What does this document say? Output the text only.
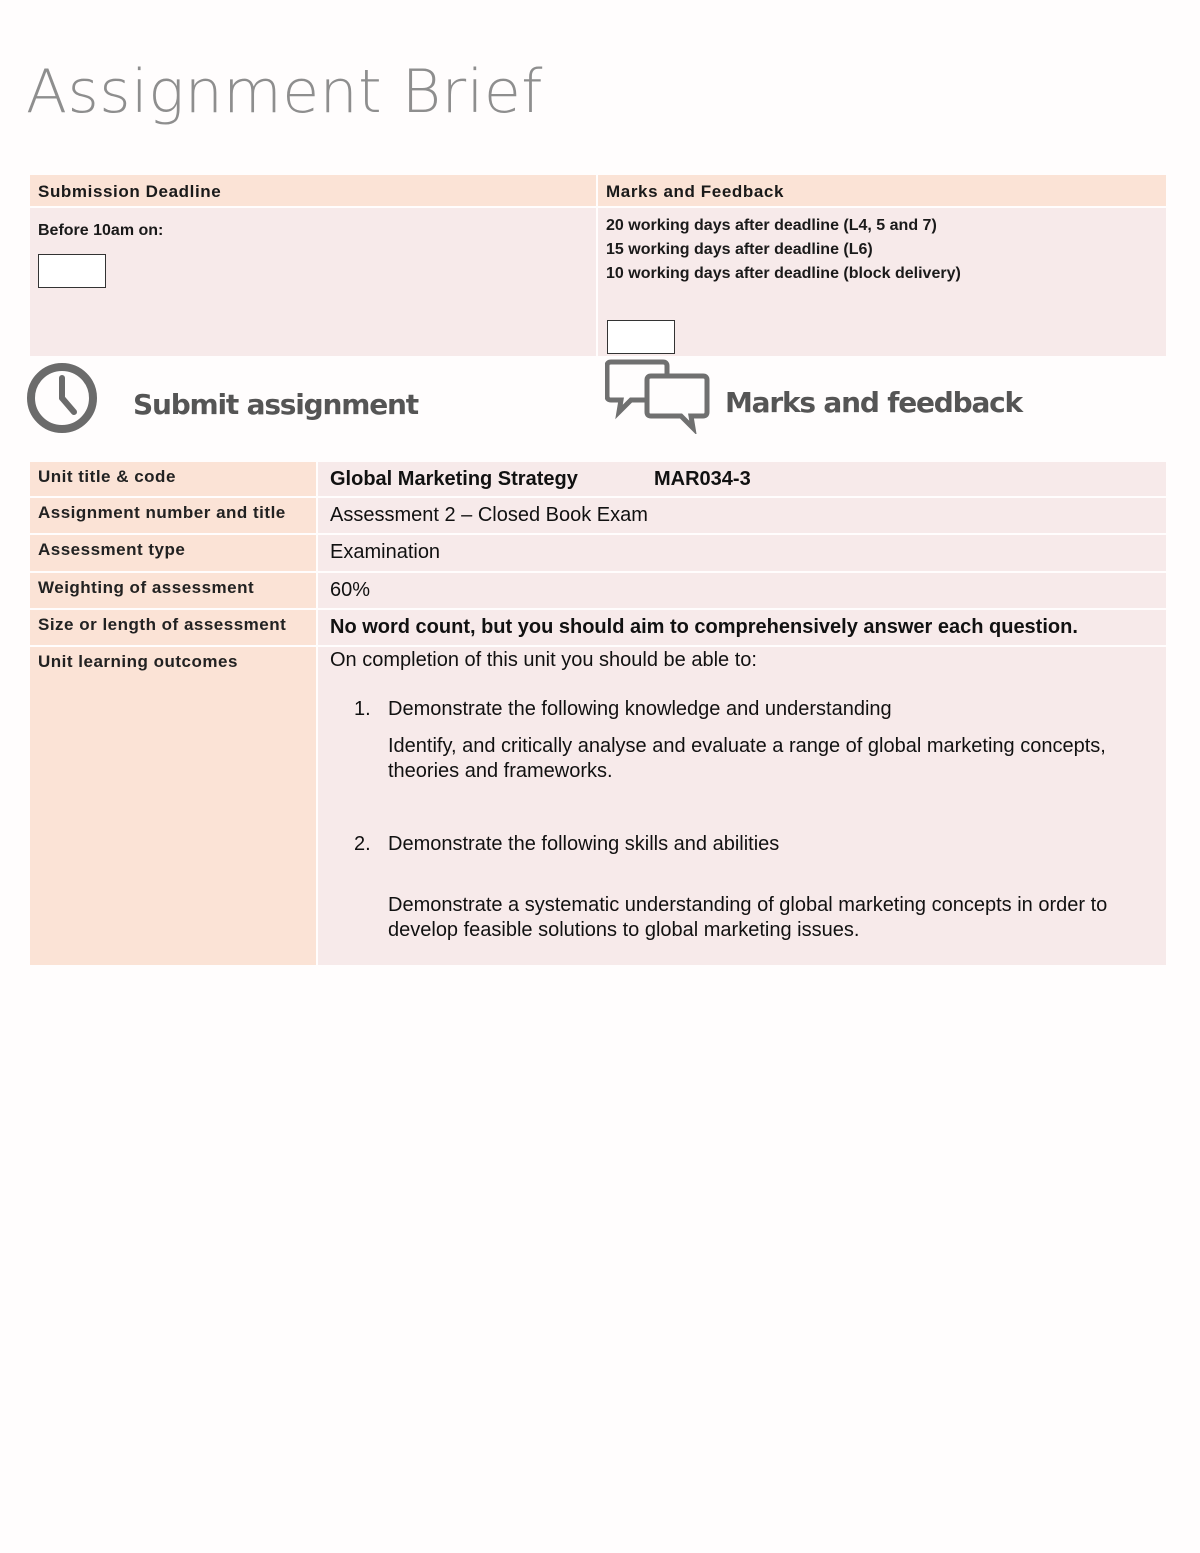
Assignment Brief
Submission Deadline	Marks and Feedback
Before 10am on:	20 working days after deadline (L4, 5 and 7)
15 working days after deadline (L6)
10 working days after deadline (block delivery)
Submit assignment	Marks and feedback
Unit title & code	Global Marketing Strategy	MAR034-3
Assignment number and title	Assessment 2 – Closed Book Exam
Assessment type	Examination
Weighting of assessment	60%
Size or length of assessment	No word count, but you should aim to comprehensively answer each question.
Unit learning outcomes	On completion of this unit you should be able to:
1. Demonstrate the following knowledge and understanding
Identify, and critically analyse and evaluate a range of global marketing concepts, theories and frameworks.
2. Demonstrate the following skills and abilities
Demonstrate a systematic understanding of global marketing concepts in order to develop feasible solutions to global marketing issues.
